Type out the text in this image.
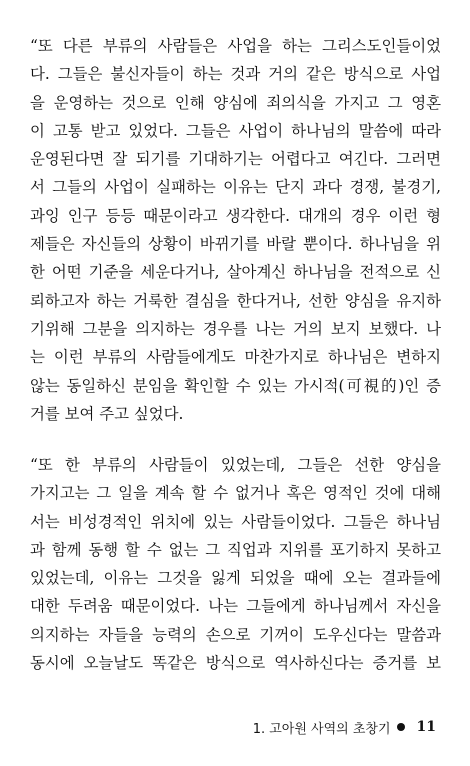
“또 다른 부류의 사람들은 사업을 하는 그리스도인들이었
다. 그들은 불신자들이 하는 것과 거의 같은 방식으로 사업
을 운영하는 것으로 인해 양심에 죄의식을 가지고 그 영혼
이 고통 받고 있었다. 그들은 사업이 하나님의 말씀에 따라
운영된다면 잘 되기를 기대하기는 어렵다고 여긴다. 그러면
서 그들의 사업이 실패하는 이유는 단지 과다 경쟁, 불경기,
과잉 인구 등등 때문이라고 생각한다. 대개의 경우 이런 형
제들은 자신들의 상황이 바뀌기를 바랄 뿐이다. 하나님을 위
한 어떤 기준을 세운다거나, 살아계신 하나님을 전적으로 신
뢰하고자 하는 거룩한 결심을 한다거나, 선한 양심을 유지하
기위해 그분을 의지하는 경우를 나는 거의 보지 보했다. 나
는 이런 부류의 사람들에게도 마찬가지로 하나님은 변하지
않는 동일하신 분임을 확인할 수 있는 가시적(可視的)인 증
거를 보여 주고 싶었다.
“또 한 부류의 사람들이 있었는데, 그들은 선한 양심을
가지고는 그 일을 계속 할 수 없거나 혹은 영적인 것에 대해
서는 비성경적인 위치에 있는 사람들이었다. 그들은 하나님
과 함께 동행 할 수 없는 그 직업과 지위를 포기하지 못하고
있었는데, 이유는 그것을 잃게 되었을 때에 오는 결과들에
대한 두려움 때문이었다. 나는 그들에게 하나님께서 자신을
의지하는 자들을 능력의 손으로 기꺼이 도우신다는 말씀과
동시에 오늘날도 똑같은 방식으로 역사하신다는 증거를 보
1. 고아원 사역의 초창기 11
